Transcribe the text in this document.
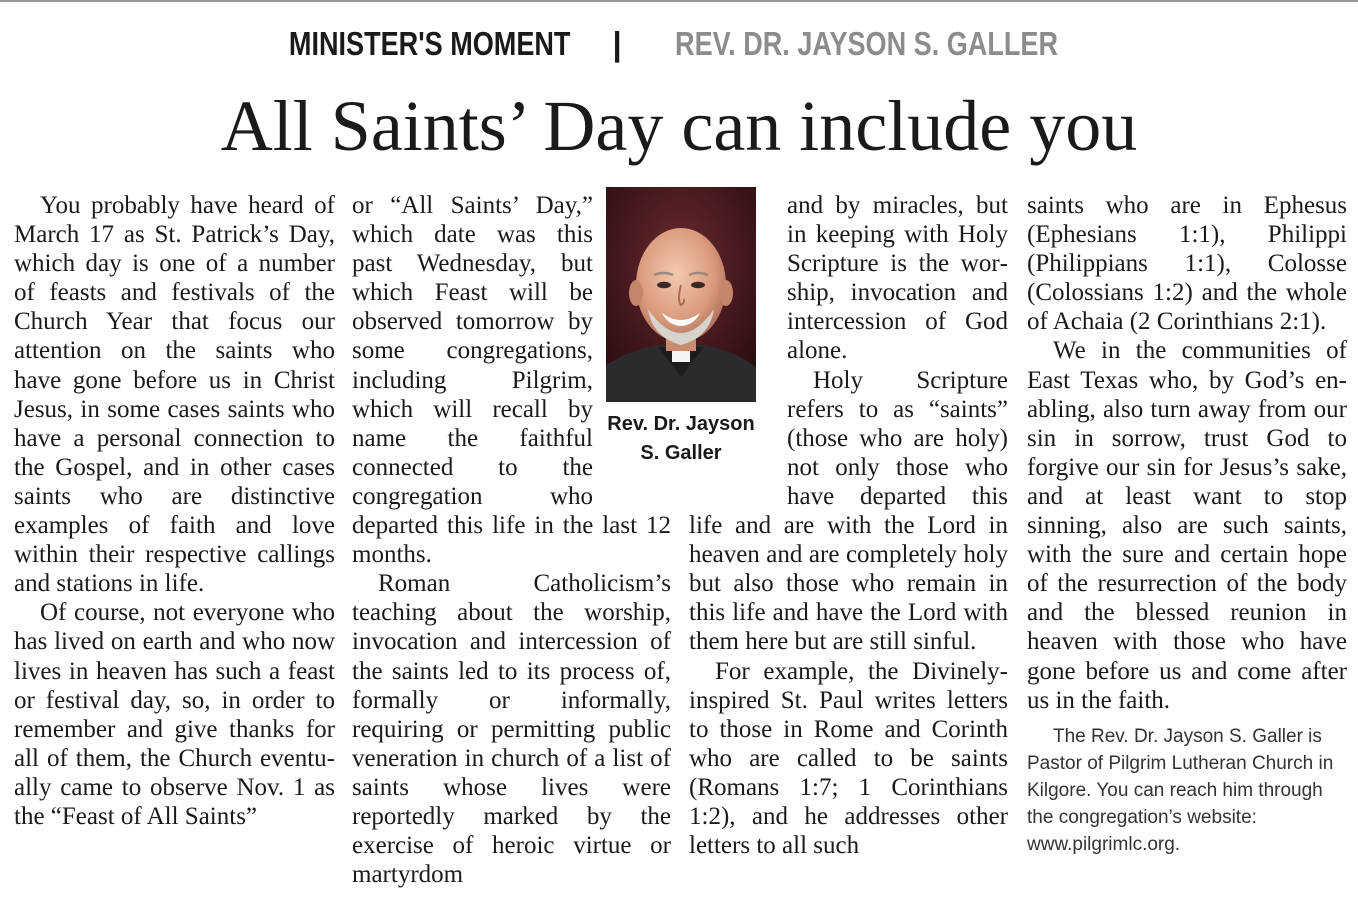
MINISTER'S MOMENT | REV. DR. JAYSON S. GALLER
All Saints’ Day can include you

You probably have heard of March 17 as St. Patrick’s Day, which day is one of a number of feasts and festivals of the Church Year that focus our attention on the saints who have gone before us in Christ Jesus, in some cases saints who have a personal connection to the Gospel, and in other cases saints who are distinctive examples of faith and love within their respective callings and stations in life.

Of course, not everyone who has lived on earth and who now lives in heaven has such a feast or festival day, so, in order to remember and give thanks for all of them, the Church eventually came to observe Nov. 1 as the “Feast of All Saints”

or “All Saints’ Day,” which date was this past Wednesday, but which Feast will be observed tomorrow by some congregations, including Pilgrim, which will recall by name the faithful connected to the congregation who departed this life in the last 12 months.

Roman Catholicism’s teaching about the worship, invocation and intercession of the saints led to its process of, formally or informally, requiring or permitting public veneration in church of a list of saints whose lives were reportedly marked by the exercise of heroic virtue or martyrdom

and by miracles, but in keeping with Holy Scripture is the worship, invocation and intercession of God alone.

Holy Scripture refers to as “saints” (those who are holy) not only those who have departed this life and are with the Lord in heaven and are completely holy but also those who remain in this life and have the Lord with them here but are still sinful.

For example, the Divinely-inspired St. Paul writes letters to those in Rome and Corinth who are called to be saints (Romans 1:7; 1 Corinthians 1:2), and he addresses other letters to all such

saints who are in Ephesus (Ephesians 1:1), Philippi (Philippians 1:1), Colosse (Colossians 1:2) and the whole of Achaia (2 Corinthians 2:1).

We in the communities of East Texas who, by God’s enabling, also turn away from our sin in sorrow, trust God to forgive our sin for Jesus’s sake, and at least want to stop sinning, also are such saints, with the sure and certain hope of the resurrection of the body and the blessed reunion in heaven with those who have gone before us and come after us in the faith.

The Rev. Dr. Jayson S. Galler is Pastor of Pilgrim Lutheran Church in Kilgore. You can reach him through the congregation’s website: www.pilgrimlc.org.

Rev. Dr. Jayson
S. Galler
